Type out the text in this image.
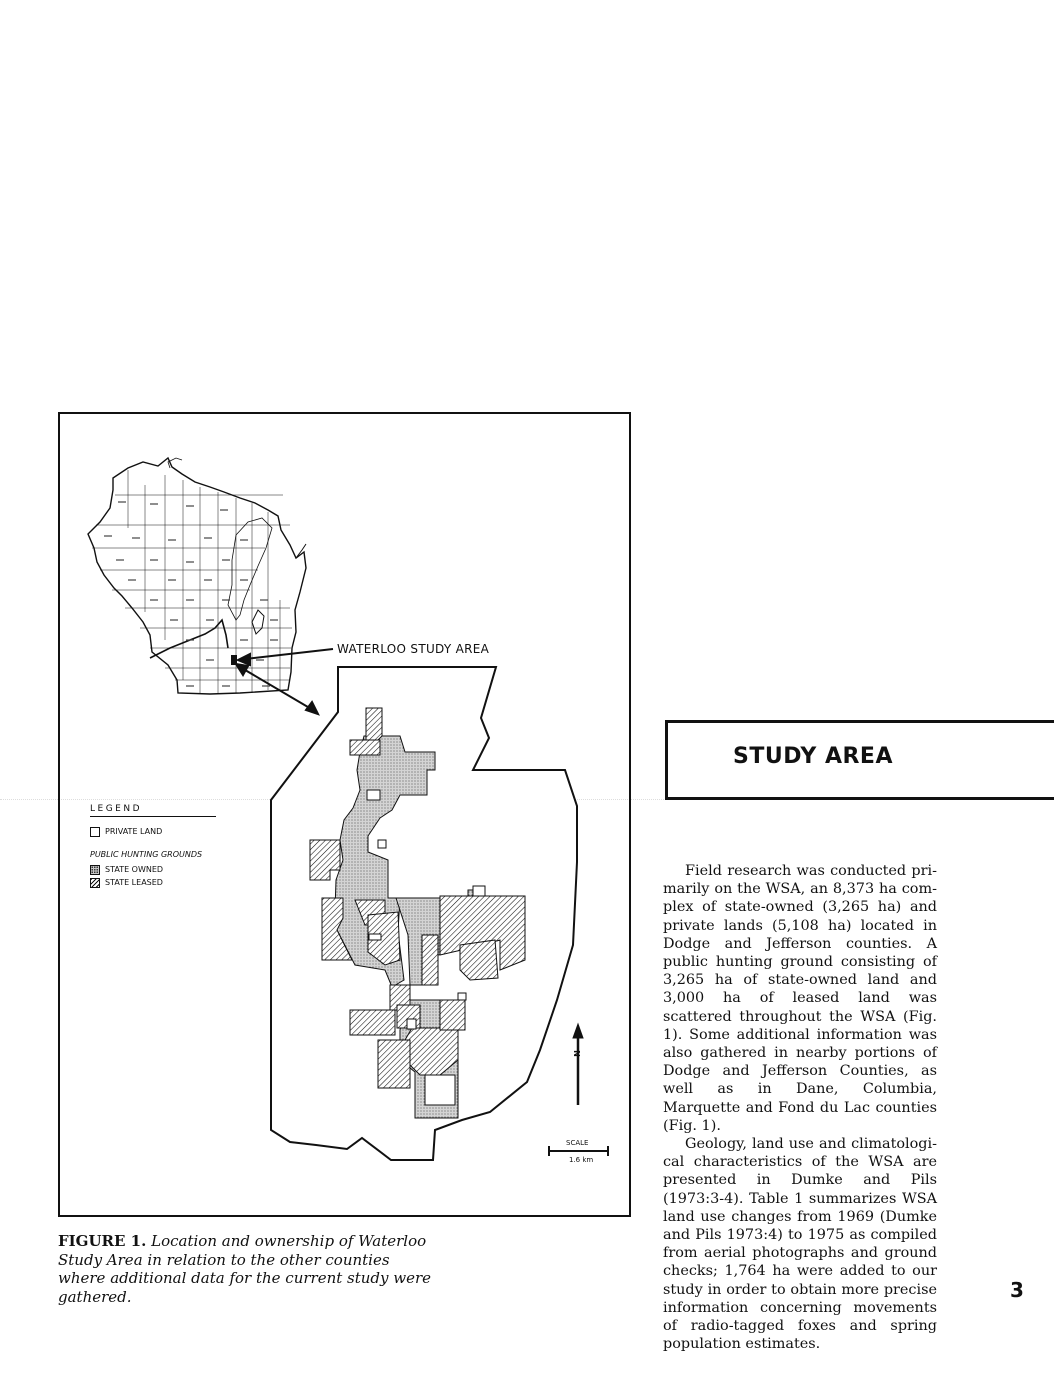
WATERLOO STUDY AREA
LEGEND
PRIVATE LAND
PUBLIC HUNTING GROUNDS
STATE OWNED
STATE LEASED
N
SCALE
1.6 km
FIGURE 1. Location and ownership of Waterloo Study Area in relation to the other counties where additional data for the current study were gathered.
STUDY AREA

Field research was conducted primarily on the WSA, an 8,373 ha complex of state-owned (3,265 ha) and private lands (5,108 ha) located in Dodge and Jefferson counties. A public hunting ground consisting of 3,265 ha of state-owned land and 3,000 ha of leased land was scattered throughout the WSA (Fig. 1). Some additional information was also gathered in nearby portions of Dodge and Jefferson Counties, as well as in Dane, Columbia, Marquette and Fond du Lac counties (Fig. 1).

Geology, land use and climatological characteristics of the WSA are presented in Dumke and Pils (1973:3-4). Table 1 summarizes WSA land use changes from 1969 (Dumke and Pils 1973:4) to 1975 as compiled from aerial photographs and ground checks; 1,764 ha were added to our study in order to obtain more precise information concerning movements of radio-tagged foxes and spring population estimates.

3
